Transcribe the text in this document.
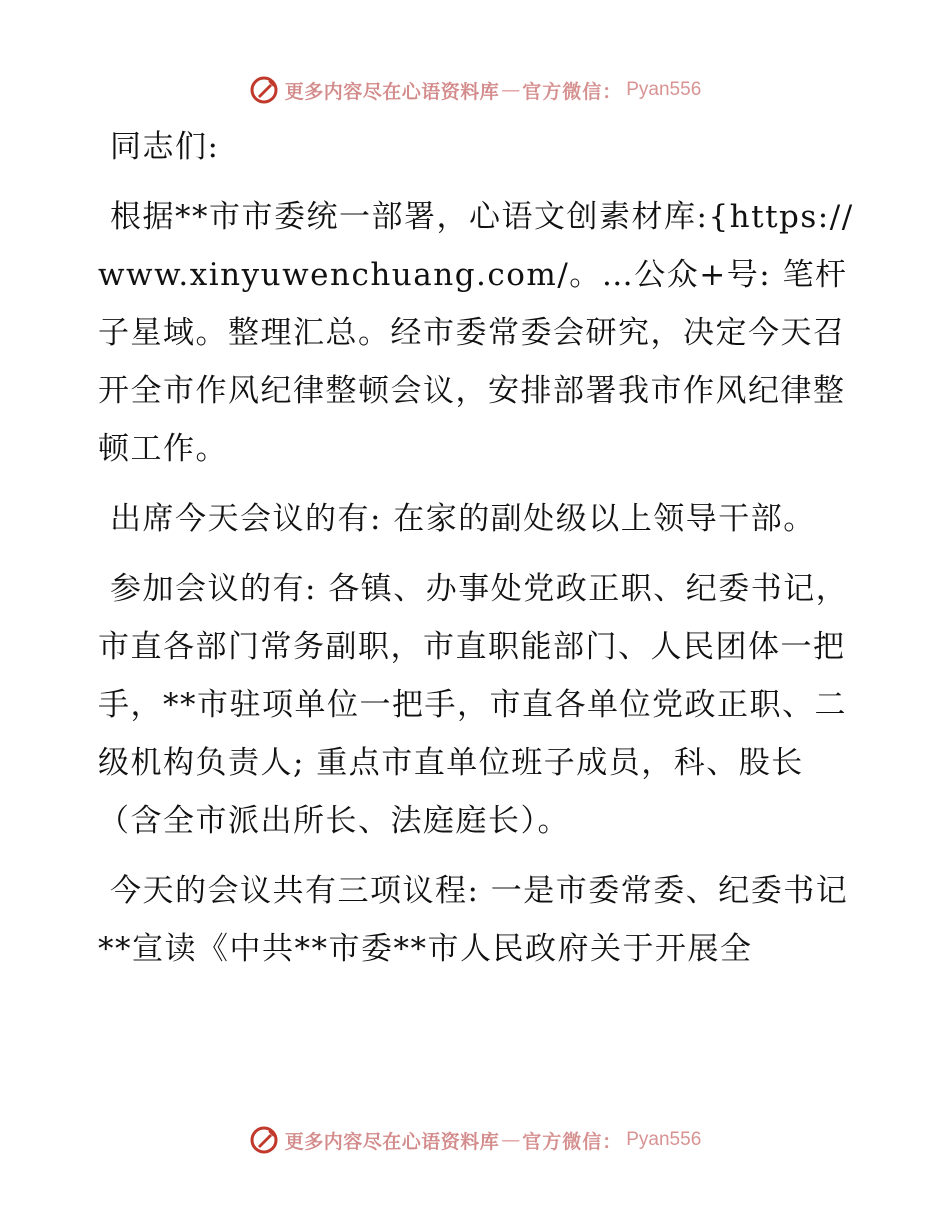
更多内容尽在心语资料库 — 官方微信： Pyan556

同志们:

根据**市市委统一部署，心语文创素材库:{https://www.xinyuwenchuang.com/。…公众+号: 笔杆子星域。整理汇总。经市委常委会研究，决定今天召开全市作风纪律整顿会议，安排部署我市作风纪律整顿工作。

出席今天会议的有: 在家的副处级以上领导干部。

参加会议的有: 各镇、办事处党政正职、纪委书记，市直各部门常务副职，市直职能部门、人民团体一把手，**市驻项单位一把手，市直各单位党政正职、二级机构负责人; 重点市直单位班子成员，科、股长（含全市派出所长、法庭庭长）。

今天的会议共有三项议程: 一是市委常委、纪委书记**宣读《中共**市委**市人民政府关于开展全

更多内容尽在心语资料库 — 官方微信： Pyan556
